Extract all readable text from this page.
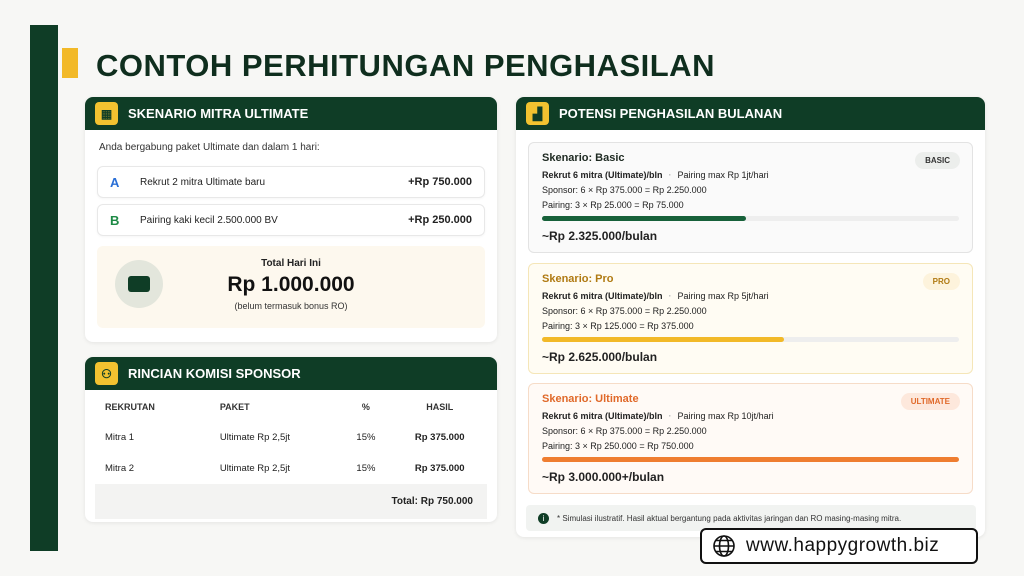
CONTOH PERHITUNGAN PENGHASILAN
▦	SKENARIO MITRA ULTIMATE
Anda bergabung paket Ultimate dan dalam 1 hari:
A	Rekrut 2 mitra Ultimate baru	+Rp 750.000
B	Pairing kaki kecil 2.500.000 BV	+Rp 250.000
Total Hari Ini
Rp 1.000.000
(belum termasuk bonus RO)
⚇	RINCIAN KOMISI SPONSOR
REKRUTAN	PAKET	%	HASIL
Mitra 1	Ultimate Rp 2,5jt	15%	Rp 375.000
Mitra 2	Ultimate Rp 2,5jt	15%	Rp 375.000
Total: Rp 750.000			
▟	POTENSI PENGHASILAN BULANAN
Skenario: Basic	BASIC
Rekrut 6 mitra (Ultimate)/bln · Pairing max Rp 1jt/hari
Sponsor: 6 × Rp 375.000 = Rp 2.250.000
Pairing: 3 × Rp 25.000 = Rp 75.000
~Rp 2.325.000/bulan
Skenario: Pro	PRO
Rekrut 6 mitra (Ultimate)/bln · Pairing max Rp 5jt/hari
Sponsor: 6 × Rp 375.000 = Rp 2.250.000
Pairing: 3 × Rp 125.000 = Rp 375.000
~Rp 2.625.000/bulan
Skenario: Ultimate	ULTIMATE
Rekrut 6 mitra (Ultimate)/bln · Pairing max Rp 10jt/hari
Sponsor: 6 × Rp 375.000 = Rp 2.250.000
Pairing: 3 × Rp 250.000 = Rp 750.000
~Rp 3.000.000+/bulan
i	* Simulasi ilustratif. Hasil aktual bergantung pada aktivitas jaringan dan RO masing-masing mitra.
www.happygrowth.biz
